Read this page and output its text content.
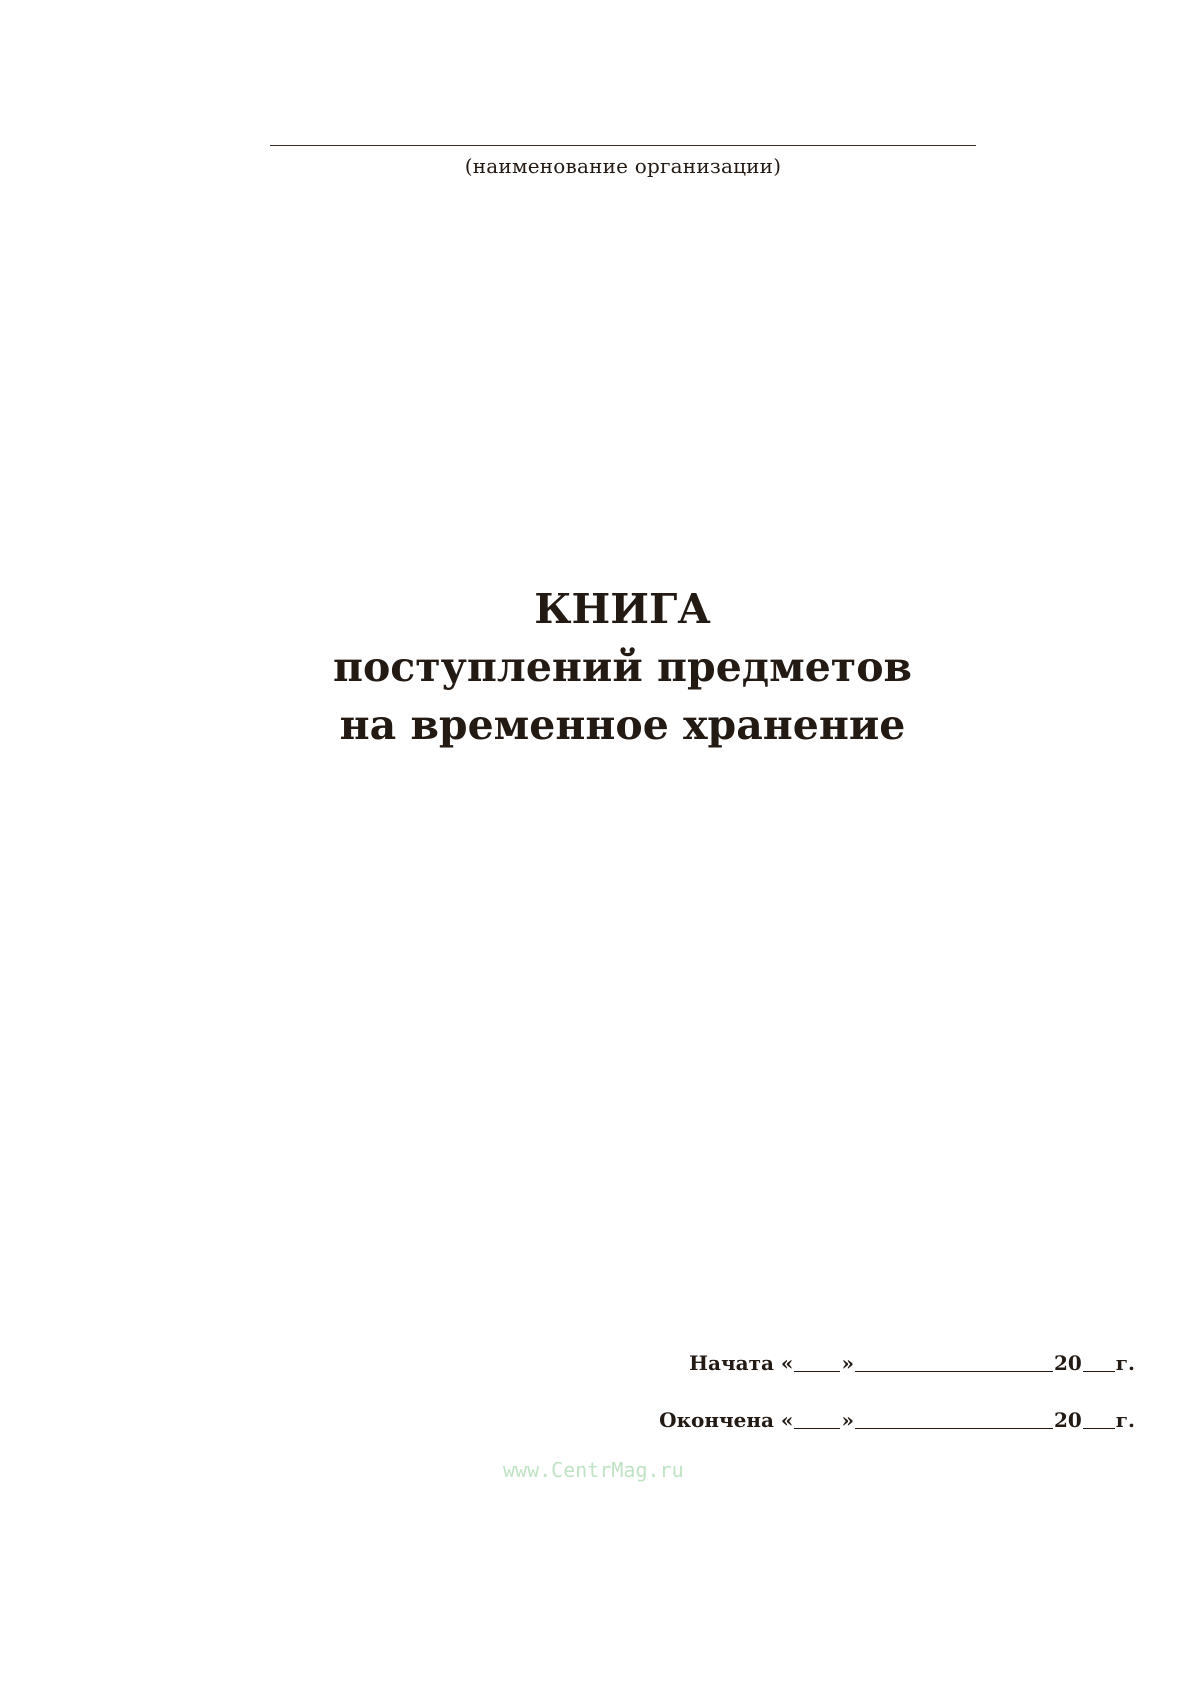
(наименование организации)
КНИГА
поступлений предметов
на временное хранение
Начата « »	20 г.
Окончена « »	20 г.
www.CentrMag.ru
